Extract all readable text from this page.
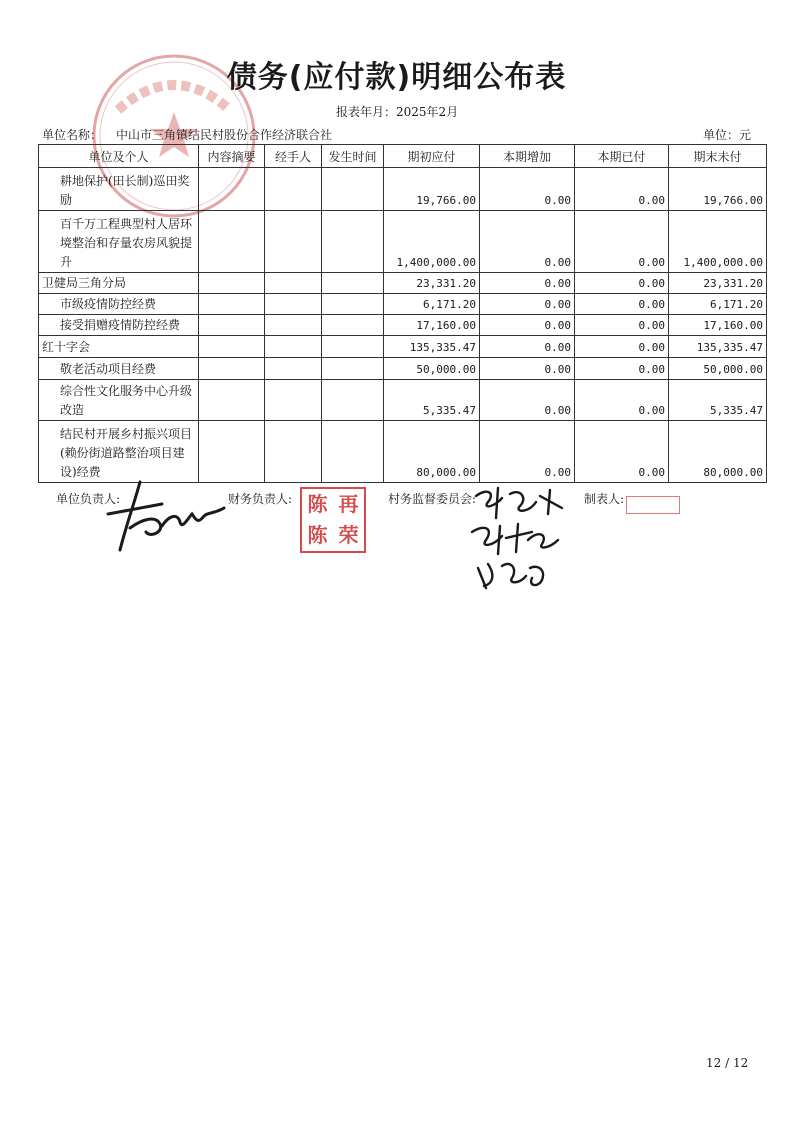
债务(应付款)明细公布表
报表年月：2025年2月
单位名称： 中山市三角镇结民村股份合作经济联合社	单位：元
单位及个人	内容摘要	经手人	发生时间	期初应付	本期增加	本期已付	期末未付
耕地保护(田长制)巡田奖励				19,766.00	0.00	0.00	19,766.00
百千万工程典型村人居环境整治和存量农房风貌提升				1,400,000.00	0.00	0.00	1,400,000.00
卫健局三角分局				23,331.20	0.00	0.00	23,331.20
市级疫情防控经费				6,171.20	0.00	0.00	6,171.20
接受捐赠疫情防控经费				17,160.00	0.00	0.00	17,160.00
红十字会				135,335.47	0.00	0.00	135,335.47
敬老活动项目经费				50,000.00	0.00	0.00	50,000.00
综合性文化服务中心升级改造				5,335.47	0.00	0.00	5,335.47
结民村开展乡村振兴项目(赖份街道路整治项目建设)经费				80,000.00	0.00	0.00	80,000.00
单位负责人:	财务负责人:	村务监督委员会:	制表人:
陈 再
陈 荣
12 / 12
